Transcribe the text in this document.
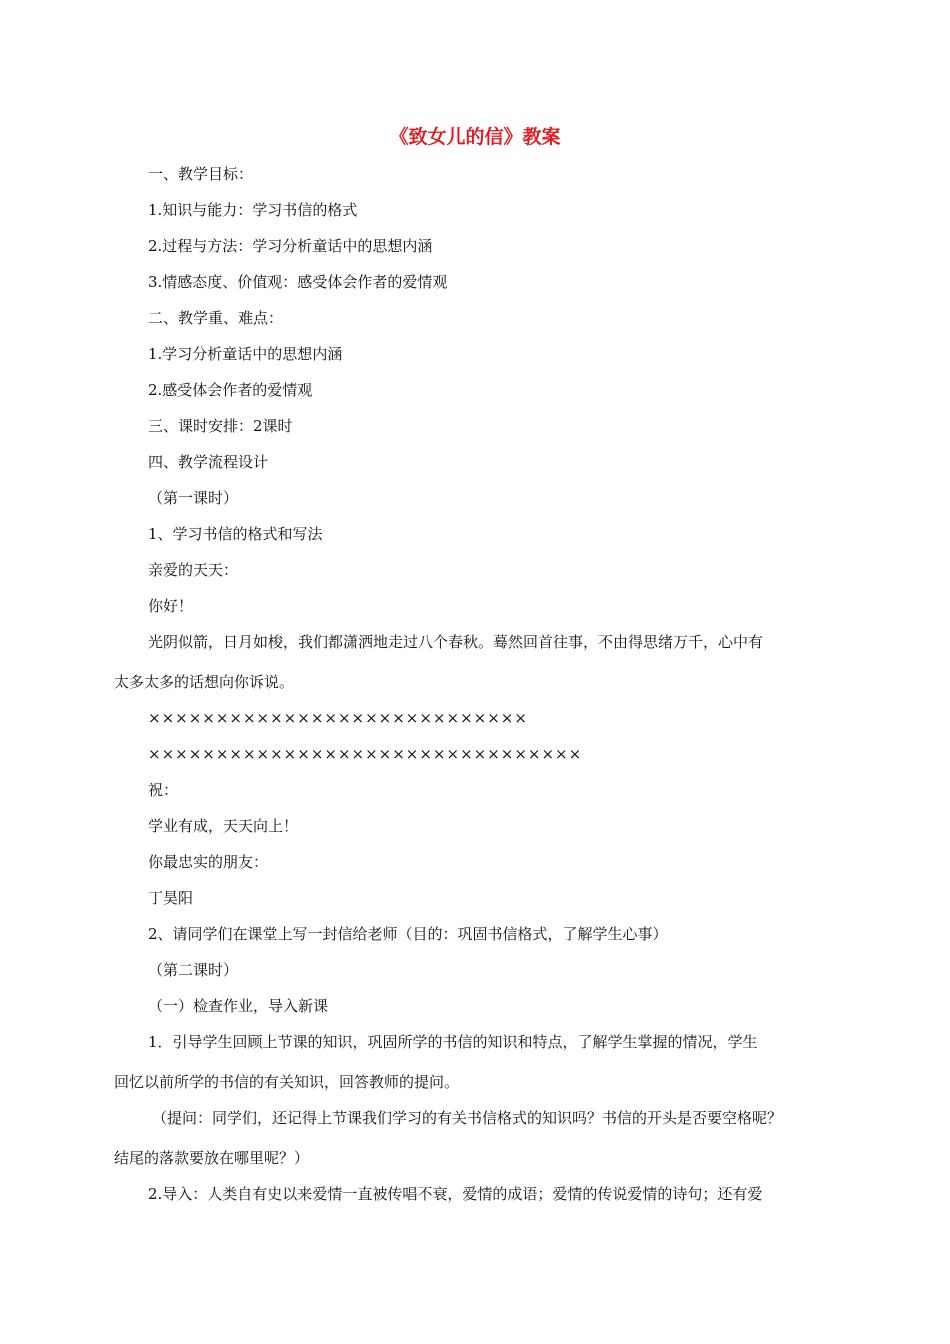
《致女儿的信》教案
一、教学目标：
1.知识与能力：学习书信的格式
2.过程与方法：学习分析童话中的思想内涵
3.情感态度、价值观：感受体会作者的爱情观
二、教学重、难点：
1.学习分析童话中的思想内涵
2.感受体会作者的爱情观
三、课时安排：2课时
四、教学流程设计
（第一课时）
1、学习书信的格式和写法
亲爱的天天：
你好！
光阴似箭，日月如梭，我们都潇洒地走过八个春秋。蓦然回首往事，不由得思绪万千，心中有
太多太多的话想向你诉说。
××××××××××××××××××××××××××××
××××××××××××××××××××××××××××××××
祝：
学业有成，天天向上！
你最忠实的朋友：
丁昊阳
2、请同学们在课堂上写一封信给老师（目的：巩固书信格式，了解学生心事）
（第二课时）
（一）检查作业，导入新课
1．引导学生回顾上节课的知识，巩固所学的书信的知识和特点，了解学生掌握的情况，学生
回忆以前所学的书信的有关知识，回答教师的提问。
（提问：同学们，还记得上节课我们学习的有关书信格式的知识吗？书信的开头是否要空格呢？
结尾的落款要放在哪里呢？）
2.导入：人类自有史以来爱情一直被传唱不衰，爱情的成语；爱情的传说爱情的诗句；还有爱
